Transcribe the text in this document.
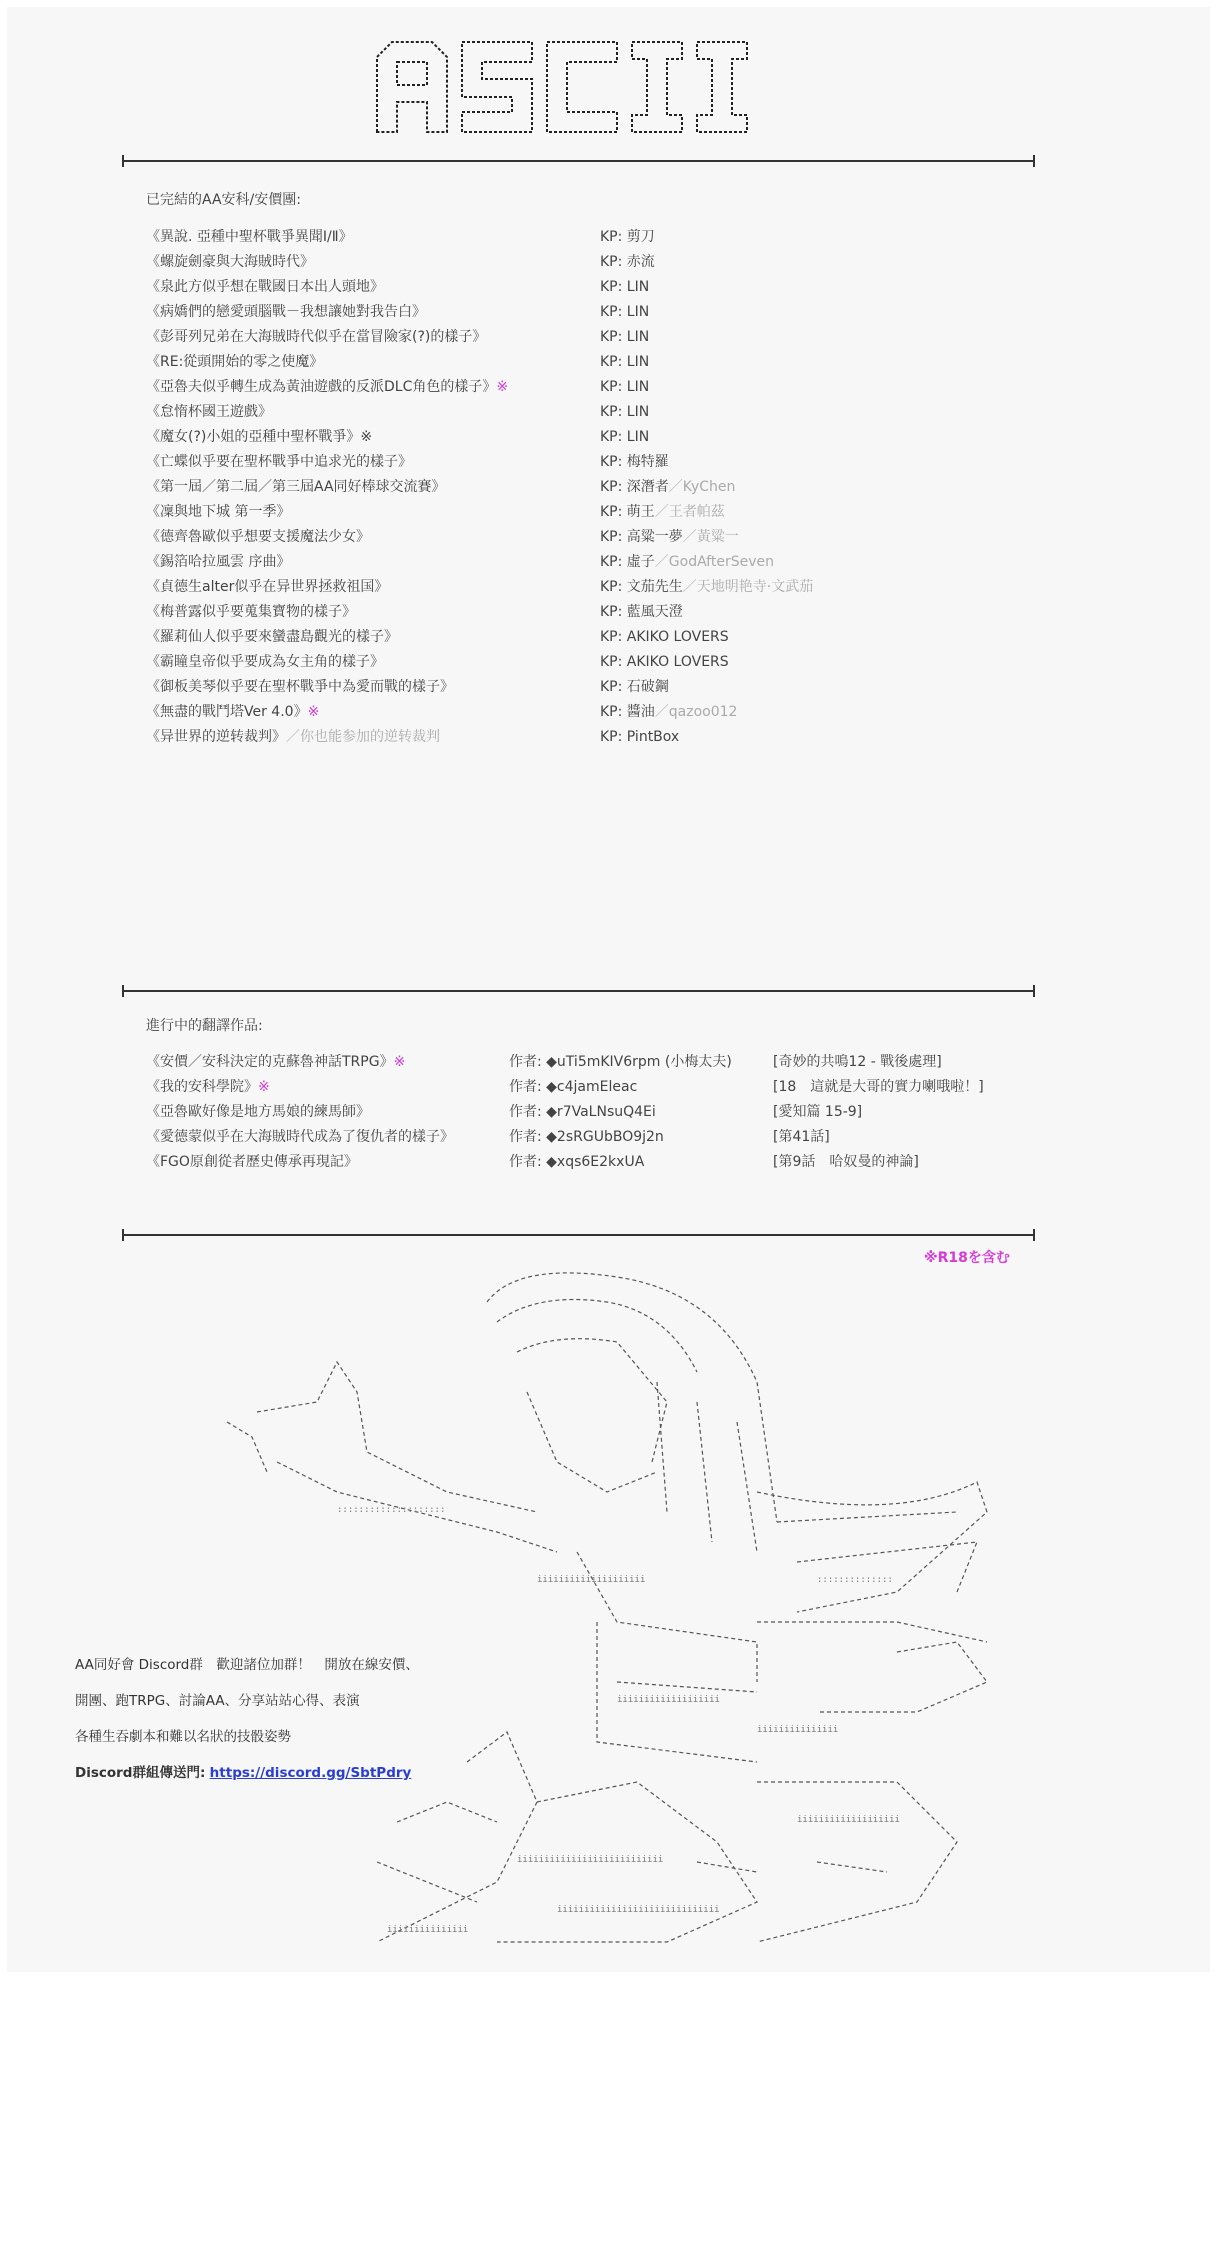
已完結的AA安科/安價團:
《異說. 亞種中聖杯戰爭異聞Ⅰ/Ⅱ》	KP: 剪刀
《螺旋劍豪與大海賊時代》	KP: 赤流
《泉此方似乎想在戰國日本出人頭地》	KP: LIN
《病嬌們的戀愛頭腦戰－我想讓她對我告白》	KP: LIN
《彭哥列兄弟在大海賊時代似乎在當冒險家(?)的樣子》	KP: LIN
《RE:從頭開始的零之使魔》	KP: LIN
《亞魯夫似乎轉生成為黃油遊戲的反派DLC角色的樣子》※	KP: LIN
《怠惰杯國王遊戲》	KP: LIN
《魔女(?)小姐的亞種中聖杯戰爭》※	KP: LIN
《亡蝶似乎要在聖杯戰爭中追求光的樣子》	KP: 梅特羅
《第一屆／第二屆／第三屆AA同好棒球交流賽》	KP: 深潛者／KyChen
《凜與地下城 第一季》	KP: 萌王／王者帕茲
《德齊魯歐似乎想要支援魔法少女》	KP: 高粱一夢／黃粱一
《錫箔哈拉風雲 序曲》	KP: 虛子／GodAfterSeven
《貞德生alter似乎在异世界拯救祖国》	KP: 文茄先生／天地明艳寺·文武茄
《梅普露似乎要蒐集寶物的樣子》	KP: 藍風天澄
《羅莉仙人似乎要來蠻盡島觀光的樣子》	KP: AKIKO LOVERS
《霸瞳皇帝似乎要成為女主角的樣子》	KP: AKIKO LOVERS
《御板美琴似乎要在聖杯戰爭中為愛而戰的樣子》	KP: 石破鋼
《無盡的戰鬥塔Ver 4.0》※	KP: 醬油／qazoo012
《异世界的逆转裁判》／你也能参加的逆转裁判	KP: PintBox
進行中的翻譯作品:
《安價／安科決定的克蘇魯神話TRPG》※	作者: ◆uTi5mKIV6rpm (小梅太夫)	[奇妙的共鳴12 - 戰後處理]
《我的安科學院》※	作者: ◆c4jamEleac	[18　這就是大哥的實力喇哦啦！]
《亞魯歐好像是地方馬娘的練馬師》	作者: ◆r7VaLNsuQ4Ei	[愛知篇 15-9]
《愛德蒙似乎在大海賊時代成為了復仇者的樣子》	作者: ◆2sRGUbBO9j2n	[第41話]
《FGO原創從者歷史傳承再現記》	作者: ◆xqs6E2kxUA	[第9話　哈奴曼的神論]
※R18を含む
AA同好會 Discord群　歡迎諸位加群！　開放在線安價、
開團、跑TRPG、討論AA、分享站站心得、表演
各種生吞劇本和難以名狀的技骰姿勢
Discord群組傳送門: https://discord.gg/SbtPdry
iiiiiiiiiiiiiiiiiiii
iiiiiiiiiiiiiiiiiii
iiiiiiiiiiiiiiiiiiiiiiiiiii
iiiiiiiiiiiiiii
iiiiiiiiiiiiiiiiiii
iiiiiiiiiiiiiiiiiiiiiiiiiiiiii
iiiiiiiiiiiiiii
::::::::::::::::::::
::::::::::::::
